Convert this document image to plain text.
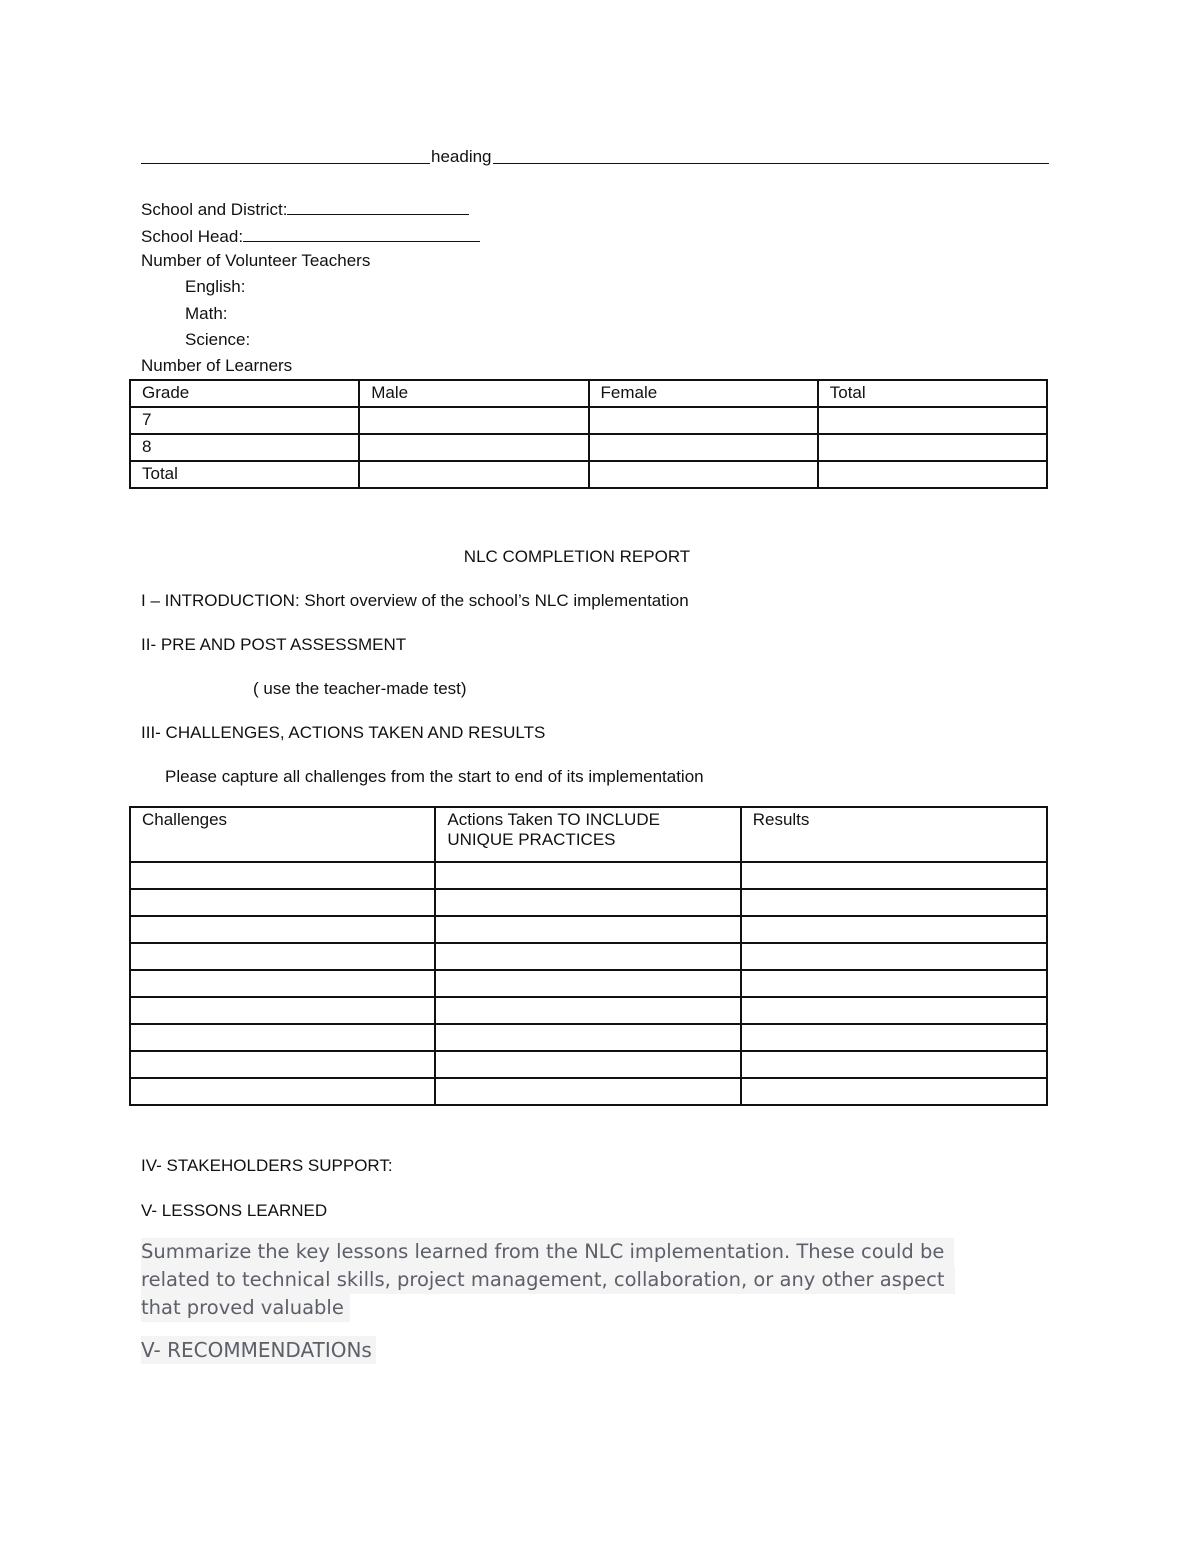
heading
School and District:
School Head:
Number of Volunteer Teachers
English:
Math:
Science:
Number of Learners
Grade	Male	Female	Total
7			
8			
Total			
NLC COMPLETION REPORT
I – INTRODUCTION: Short overview of the school’s NLC implementation
II- PRE AND POST ASSESSMENT
( use the teacher-made test)
III- CHALLENGES, ACTIONS TAKEN AND RESULTS
Please capture all challenges from the start to end of its implementation
Challenges	Actions Taken TO INCLUDE UNIQUE PRACTICES	Results

IV- STAKEHOLDERS SUPPORT:
V- LESSONS LEARNED
Summarize the key lessons learned from the NLC implementation. These could be
related to technical skills, project management, collaboration, or any other aspect
that proved valuable
V- RECOMMENDATIONs
